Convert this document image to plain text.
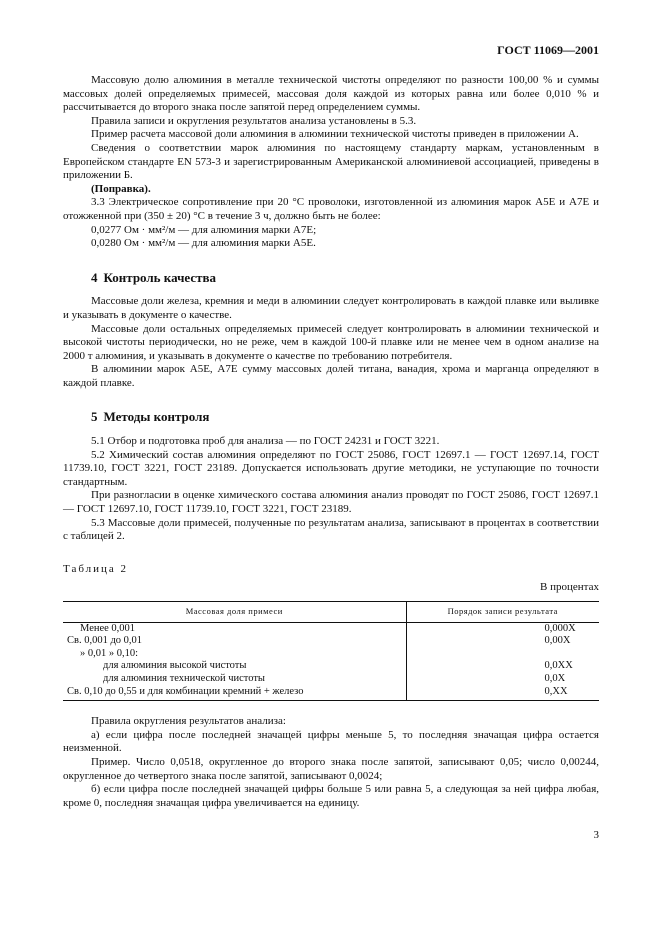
ГОСТ 11069—2001

Массовую долю алюминия в металле технической чистоты определяют по разности 100,00 % и суммы массовых долей определяемых примесей, массовая доля каждой из которых равна или более 0,010 % и рассчитывается до второго знака после запятой перед определением суммы.

Правила записи и округления результатов анализа установлены в 5.3.

Пример расчета массовой доли алюминия в алюминии технической чистоты приведен в приложении А.

Сведения о соответствии марок алюминия по настоящему стандарту маркам, установленным в Европейском стандарте EN 573-3 и зарегистрированным Американской алюминиевой ассоциацией, приведены в приложении Б.

(Поправка).

3.3 Электрическое сопротивление при 20 °С проволоки, изготовленной из алюминия марок А5Е и А7Е и отожженной при (350 ± 20) °С в течение 3 ч, должно быть не более:

0,0277 Ом · мм²/м — для алюминия марки А7Е;

0,0280 Ом · мм²/м — для алюминия марки А5Е.

4 Контроль качества

Массовые доли железа, кремния и меди в алюминии следует контролировать в каждой плавке или выливке и указывать в документе о качестве.

Массовые доли остальных определяемых примесей следует контролировать в алюминии технической и высокой чистоты периодически, но не реже, чем в каждой 100-й плавке или не менее чем в одном анализе на 2000 т алюминия, и указывать в документе о качестве по требованию потребителя.

В алюминии марок А5Е, А7Е сумму массовых долей титана, ванадия, хрома и марганца определяют в каждой плавке.

5 Методы контроля

5.1 Отбор и подготовка проб для анализа — по ГОСТ 24231 и ГОСТ 3221.

5.2 Химический состав алюминия определяют по ГОСТ 25086, ГОСТ 12697.1 — ГОСТ 12697.14, ГОСТ 11739.10, ГОСТ 3221, ГОСТ 23189. Допускается использовать другие методики, не уступающие по точности стандартным.

При разногласии в оценке химического состава алюминия анализ проводят по ГОСТ 25086, ГОСТ 12697.1 — ГОСТ 12697.10, ГОСТ 11739.10, ГОСТ 3221, ГОСТ 23189.

5.3 Массовые доли примесей, полученные по результатам анализа, записывают в процентах в соответствии с таблицей 2.

Таблица 2
В процентах
Массовая доля примеси	Порядок записи результата
Менее 0,001	0,000X
Св. 0,001 до 0,01	0,00X
» 0,01 » 0,10:	
для алюминия высокой чистоты	0,0XX
для алюминия технической чистоты	0,0X
Св. 0,10 до 0,55 и для комбинации кремний + железо	0,XX

Правила округления результатов анализа:

а) если цифра после последней значащей цифры меньше 5, то последняя значащая цифра остается неизменной.

Пример. Число 0,0518, округленное до второго знака после запятой, записывают 0,05; число 0,00244, округленное до четвертого знака после запятой, записывают 0,0024;

б) если цифра после последней значащей цифры больше 5 или равна 5, а следующая за ней цифра любая, кроме 0, последняя значащая цифра увеличивается на единицу.

3
